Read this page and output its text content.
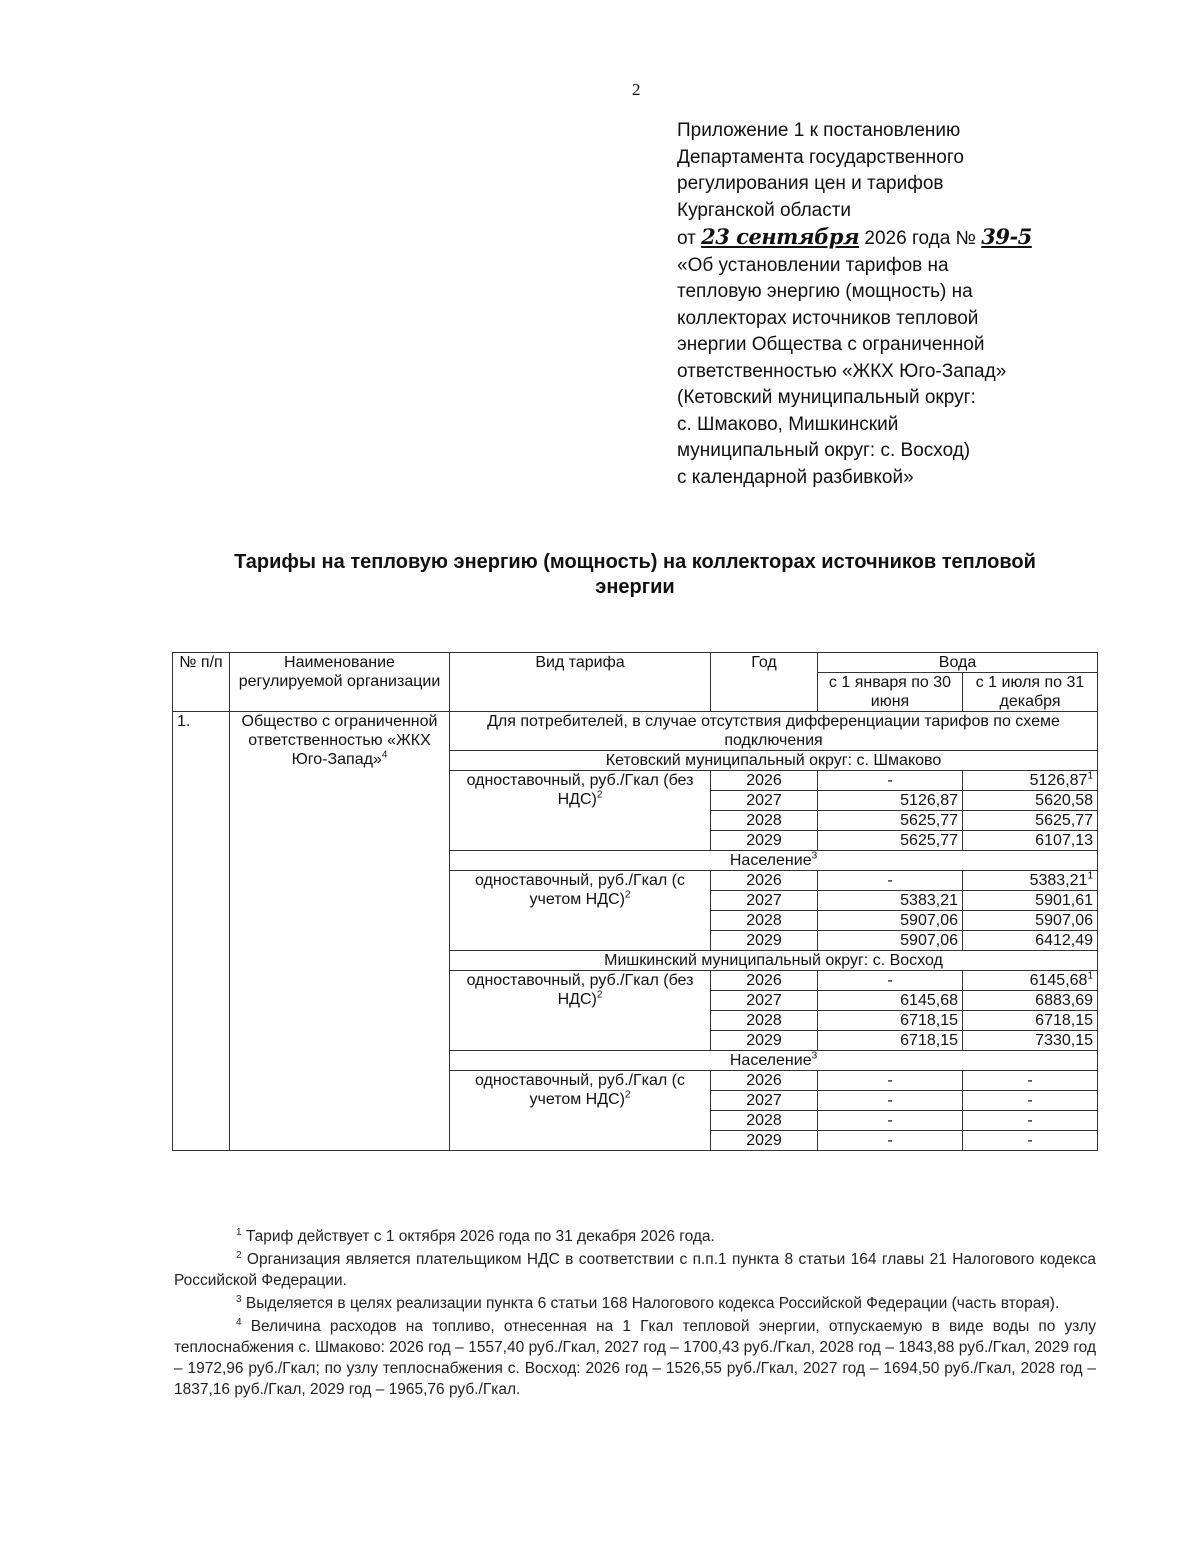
2
Приложение 1 к постановлению
Департамента государственного
регулирования цен и тарифов
Курганской области
от 23 сентября 2026 года № 39-5
«Об установлении тарифов на
тепловую энергию (мощность) на
коллекторах источников тепловой
энергии Общества с ограниченной
ответственностью «ЖКХ Юго-Запад»
(Кетовский муниципальный округ:
с. Шмаково, Мишкинский
муниципальный округ: с. Восход)
с календарной разбивкой»
Тарифы на тепловую энергию (мощность) на коллекторах источников тепловой
энергии
№ п/п	Наименование регулируемой организации	Вид тарифа	Год	Вода	
				с 1 января по 30 июня	с 1 июля по 31 декабря
1.	Общество с ограниченной ответственностью «ЖКХ Юго-Запад»$^4$	Для потребителей, в случае отсутствия дифференциации тарифов по схеме подключения			
		Кетовский муниципальный округ: с. Шмаково			
		одноставочный, руб./Гкал (без НДС)$^2$	2026	-	5126,87$^1$
			2027	5126,87	5620,58
			2028	5625,77	5625,77
			2029	5625,77	6107,13
		Население$^3$
		одноставочный, руб./Гкал (с учетом НДС)$^2$	2026	-	5383,21$^1$
			2027	5383,21	5901,61
			2028	5907,06	5907,06
			2029	5907,06	6412,49
		Мишкинский муниципальный округ: с. Восход			
		одноставочный, руб./Гкал (без НДС)$^2$	2026	-	6145,68$^1$
			2027	6145,68	6883,69
			2028	6718,15	6718,15
			2029	6718,15	7330,15
		Население$^3$
		одноставочный, руб./Гкал (с учетом НДС)$^2$	2026	-	-
			2027	-	-
			2028	-	-
			2029	-	-

$^1$ Тариф действует с 1 октября 2026 года по 31 декабря 2026 года.

$^2$ Организация является плательщиком НДС в соответствии с п.п.1 пункта 8 статьи 164 главы 21 Налогового кодекса Российской Федерации.

$^3$ Выделяется в целях реализации пункта 6 статьи 168 Налогового кодекса Российской Федерации (часть вторая).

$^4$ Величина расходов на топливо, отнесенная на 1 Гкал тепловой энергии, отпускаемую в виде воды по узлу теплоснабжения с. Шмаково: 2026 год – 1557,40 руб./Гкал, 2027 год – 1700,43 руб./Гкал, 2028 год – 1843,88 руб./Гкал, 2029 год – 1972,96 руб./Гкал; по узлу теплоснабжения с. Восход: 2026 год – 1526,55 руб./Гкал, 2027 год – 1694,50 руб./Гкал, 2028 год – 1837,16 руб./Гкал, 2029 год – 1965,76 руб./Гкал.
